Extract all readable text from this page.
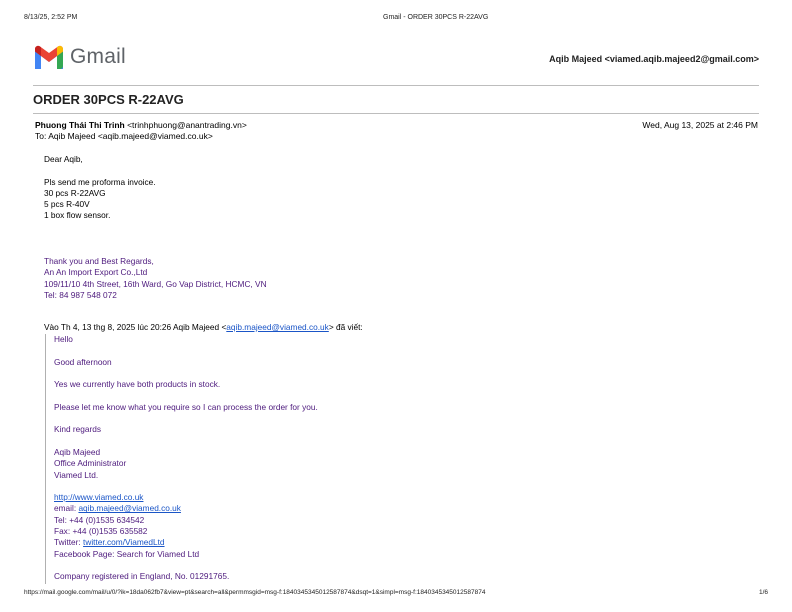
8/13/25, 2:52 PM	Gmail - ORDER 30PCS R-22AVG
Gmail	Aqib Majeed <viamed.aqib.majeed2@gmail.com>
ORDER 30PCS R-22AVG
Phuong Thái Thi Trinh <trinhphuong@anantrading.vn>	Wed, Aug 13, 2025 at 2:46 PM
To: Aqib Majeed <aqib.majeed@viamed.co.uk>
Dear Aqib,
Pls send me proforma invoice.
30 pcs R-22AVG
5 pcs R-40V
1 box flow sensor.
Thank you and Best Regards,
An An Import Export Co.,Ltd
109/11/10 4th Street, 16th Ward, Go Vap District, HCMC, VN
Tel: 84 987 548 072
Vào Th 4, 13 thg 8, 2025 lúc 20:26 Aqib Majeed <aqib.majeed@viamed.co.uk> đã viết:
Hello
Good afternoon
Yes we currently have both products in stock.
Please let me know what you require so I can process the order for you.
Kind regards
Aqib Majeed
Office Administrator
Viamed Ltd.
http://www.viamed.co.uk
email: aqib.majeed@viamed.co.uk
Tel: +44 (0)1535 634542
Fax: +44 (0)1535 635582
Twitter: twitter.com/ViamedLtd
Facebook Page: Search for Viamed Ltd
Company registered in England, No. 01291765.
https://mail.google.com/mail/u/0/?ik=18da062fb7&view=pt&search=all&permmsgid=msg-f:1840345345012587874&dsqt=1&simpl=msg-f:1840345345012587874	1/6
